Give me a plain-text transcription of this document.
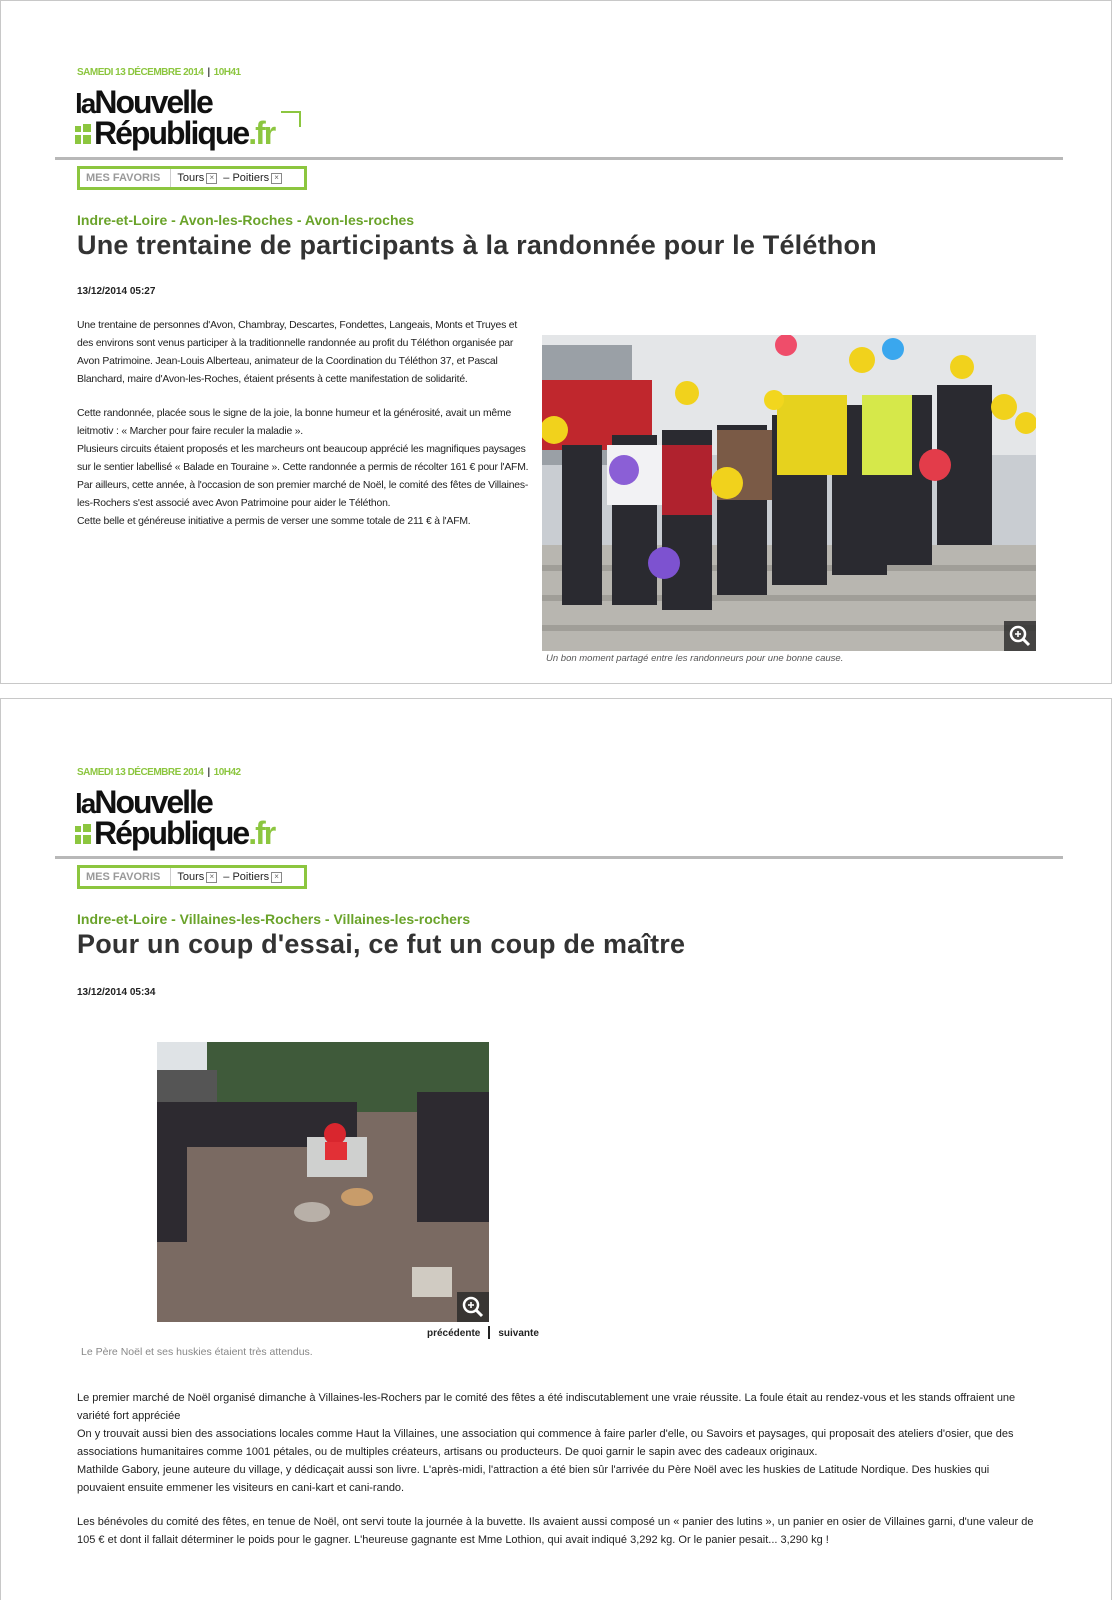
SAMEDI 13 DÉCEMBRE 2014 | 10H41
laNouvelle
République.fr
MES FAVORIS	Tours × – Poitiers ×
Indre-et-Loire - Avon-les-Roches - Avon-les-roches
Une trentaine de participants à la randonnée pour le Téléthon
13/12/2014 05:27

Une trentaine de personnes d'Avon, Chambray, Descartes, Fondettes, Langeais, Monts et Truyes et des environs sont venus participer à la traditionnelle randonnée au profit du Téléthon organisée par Avon Patrimoine. Jean-Louis Alberteau, animateur de la Coordination du Téléthon 37, et Pascal Blanchard, maire d'Avon-les-Roches, étaient présents à cette manifestation de solidarité.

Cette randonnée, placée sous le signe de la joie, la bonne humeur et la générosité, avait un même leitmotiv : « Marcher pour faire reculer la maladie ».
Plusieurs circuits étaient proposés et les marcheurs ont beaucoup apprécié les magnifiques paysages sur le sentier labellisé « Balade en Touraine ». Cette randonnée a permis de récolter 161 € pour l'AFM.
Par ailleurs, cette année, à l'occasion de son premier marché de Noël, le comité des fêtes de Villaines-les-Rochers s'est associé avec Avon Patrimoine pour aider le Téléthon.
Cette belle et généreuse initiative a permis de verser une somme totale de 211 € à l'AFM.
Un bon moment partagé entre les randonneurs pour une bonne cause.
SAMEDI 13 DÉCEMBRE 2014 | 10H42
laNouvelle
République.fr
MES FAVORIS	Tours × – Poitiers ×
Indre-et-Loire - Villaines-les-Rochers - Villaines-les-rochers
Pour un coup d'essai, ce fut un coup de maître
13/12/2014 05:34
précédente suivante
Le Père Noël et ses huskies étaient très attendus.
Le premier marché de Noël organisé dimanche à Villaines-les-Rochers par le comité des fêtes a été indiscutablement une vraie réussite. La foule était au rendez-vous et les stands offraient une variété fort appréciée
On y trouvait aussi bien des associations locales comme Haut la Villaines, une association qui commence à faire parler d'elle, ou Savoirs et paysages, qui proposait des ateliers d'osier, que des associations humanitaires comme 1001 pétales, ou de multiples créateurs, artisans ou producteurs. De quoi garnir le sapin avec des cadeaux originaux.

Mathilde Gabory, jeune auteure du village, y dédicaçait aussi son livre. L'après-midi, l'attraction a été bien sûr l'arrivée du Père Noël avec les huskies de Latitude Nordique. Des huskies qui pouvaient ensuite emmener les visiteurs en cani-kart et cani-rando.

Les bénévoles du comité des fêtes, en tenue de Noël, ont servi toute la journée à la buvette. Ils avaient aussi composé un « panier des lutins », un panier en osier de Villaines garni, d'une valeur de 105 € et dont il fallait déterminer le poids pour le gagner. L'heureuse gagnante est Mme Lothion, qui avait indiqué 3,292 kg. Or le panier pesait... 3,290 kg !
